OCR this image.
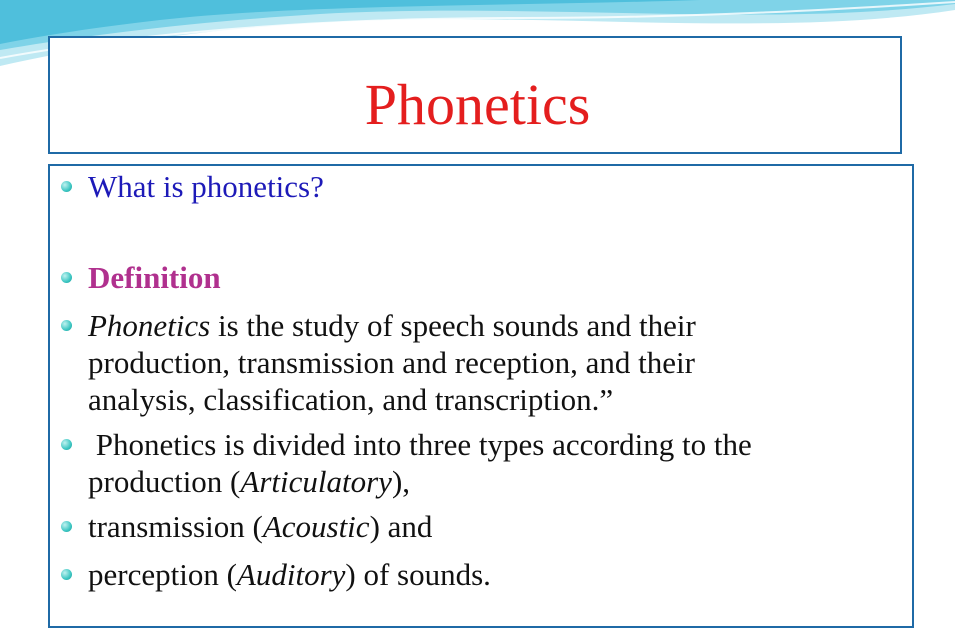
Phonetics
What is phonetics?
Definition
Phonetics is the study of speech sounds and their
production, transmission and reception, and their
analysis, classification, and transcription.”
Phonetics is divided into three types according to the
production (Articulatory),
transmission (Acoustic) and
perception (Auditory) of sounds.
